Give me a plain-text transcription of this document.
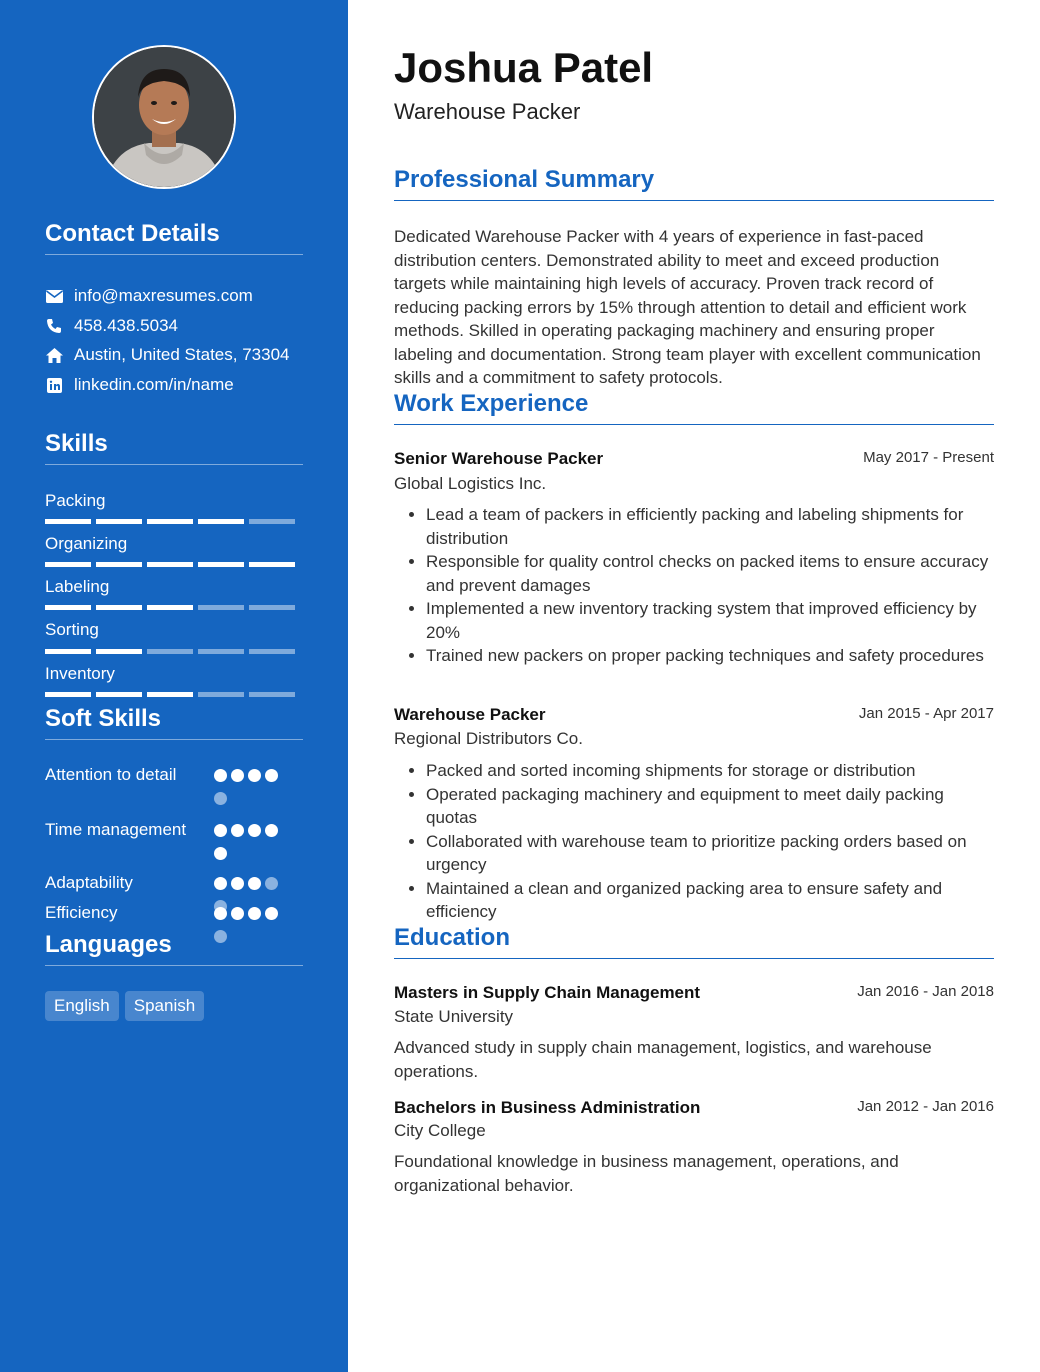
Contact Details
info@maxresumes.com
458.438.5034
Austin, United States, 73304
linkedin.com/in/name
Skills
Packing
Organizing
Labeling
Sorting
Inventory
Soft Skills
Attention to detail
Time management
Adaptability
Efficiency
Languages
English	Spanish
Joshua Patel
Warehouse Packer
Professional Summary
Dedicated Warehouse Packer with 4 years of experience in fast-paced distribution centers. Demonstrated ability to meet and exceed production targets while maintaining high levels of accuracy. Proven track record of reducing packing errors by 15% through attention to detail and efficient work methods. Skilled in operating packaging machinery and ensuring proper labeling and documentation. Strong team player with excellent communication skills and a commitment to safety protocols.
Work Experience
Senior Warehouse Packer	May 2017 - Present
Global Logistics Inc.
• Lead a team of packers in efficiently packing and labeling shipments for distribution
• Responsible for quality control checks on packed items to ensure accuracy and prevent damages
• Implemented a new inventory tracking system that improved efficiency by 20%
• Trained new packers on proper packing techniques and safety procedures
Warehouse Packer	Jan 2015 - Apr 2017
Regional Distributors Co.
• Packed and sorted incoming shipments for storage or distribution
• Operated packaging machinery and equipment to meet daily packing quotas
• Collaborated with warehouse team to prioritize packing orders based on urgency
• Maintained a clean and organized packing area to ensure safety and efficiency
Education
Masters in Supply Chain Management	Jan 2016 - Jan 2018
State University
Advanced study in supply chain management, logistics, and warehouse operations.
Bachelors in Business Administration	Jan 2012 - Jan 2016
City College
Foundational knowledge in business management, operations, and organizational behavior.
